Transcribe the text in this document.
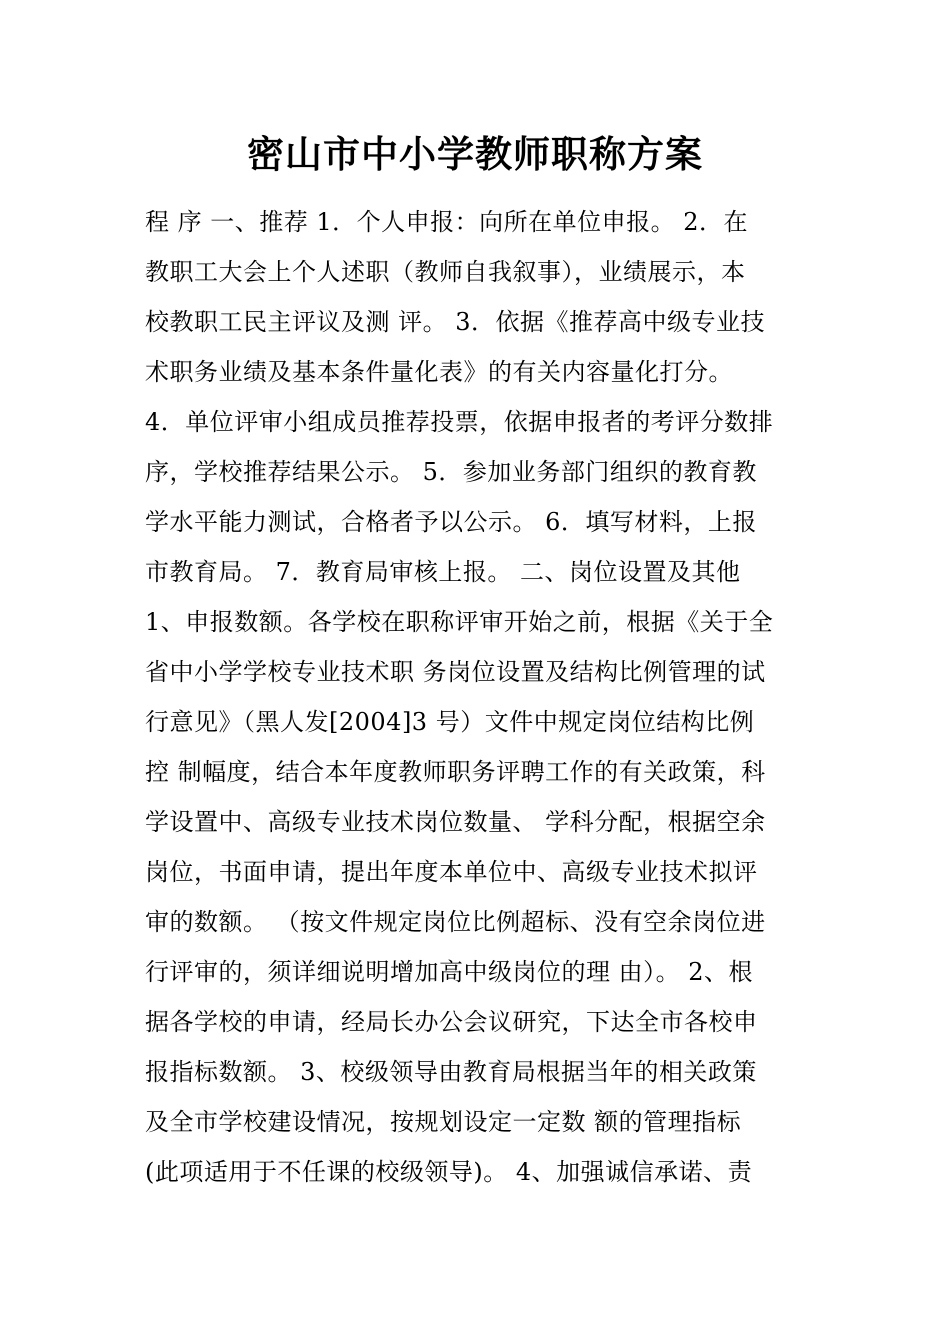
密山市中小学教师职称方案
程 序 一、推荐 1．个人申报：向所在单位申报。 2．在
教职工大会上个人述职（教师自我叙事），业绩展示，本
校教职工民主评议及测 评。 3．依据《推荐高中级专业技
术职务业绩及基本条件量化表》的有关内容量化打分。
4．单位评审小组成员推荐投票，依据申报者的考评分数排
序，学校推荐结果公示。 5．参加业务部门组织的教育教
学水平能力测试，合格者予以公示。 6．填写材料，上报
市教育局。 7．教育局审核上报。 二、岗位设置及其他
1、申报数额。各学校在职称评审开始之前，根据《关于全
省中小学学校专业技术职 务岗位设置及结构比例管理的试
行意见》（黑人发[2004]3 号）文件中规定岗位结构比例
控 制幅度，结合本年度教师职务评聘工作的有关政策，科
学设置中、高级专业技术岗位数量、 学科分配，根据空余
岗位，书面申请，提出年度本单位中、高级专业技术拟评
审的数额。 （按文件规定岗位比例超标、没有空余岗位进
行评审的，须详细说明增加高中级岗位的理 由）。 2、根
据各学校的申请，经局长办公会议研究，下达全市各校申
报指标数额。 3、校级领导由教育局根据当年的相关政策
及全市学校建设情况，按规划设定一定数 额的管理指标
(此项适用于不任课的校级领导)。 4、加强诚信承诺、责
